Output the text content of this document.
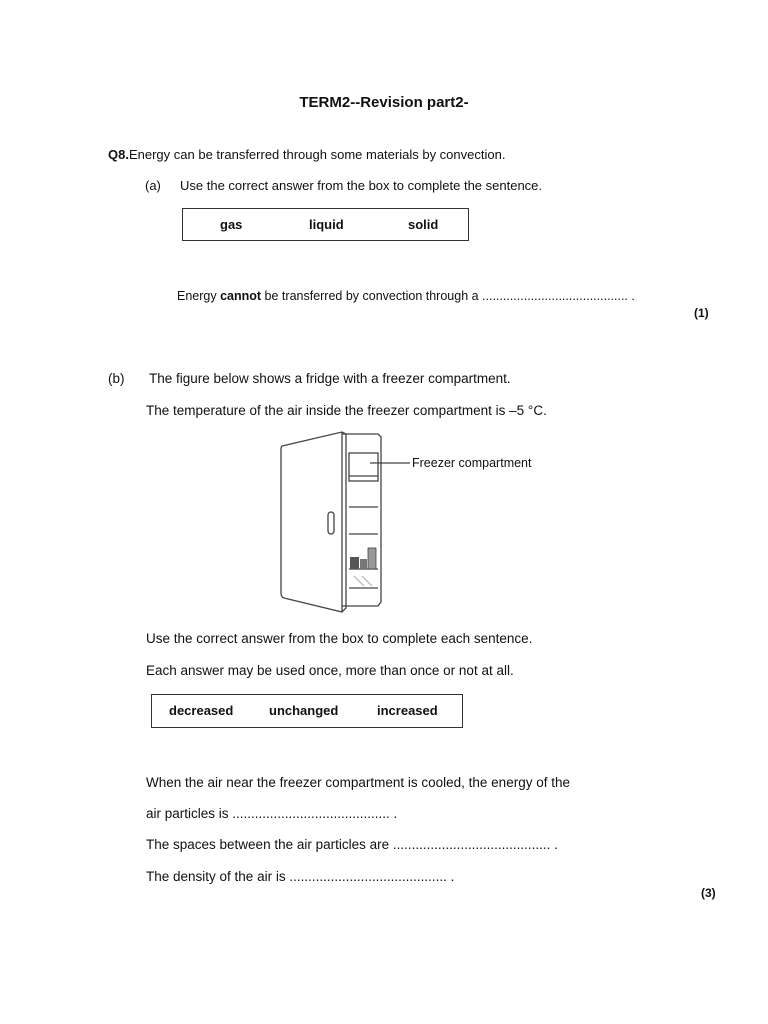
TERM2--Revision part2-
Q8.Energy can be transferred through some materials by convection.
(a) Use the correct answer from the box to complete the sentence.
gas	liquid	solid
Energy cannot be transferred by convection through a .......................................... .
(1)
(b) The figure below shows a fridge with a freezer compartment.
The temperature of the air inside the freezer compartment is –5 °C.
Freezer compartment
Use the correct answer from the box to complete each sentence.
Each answer may be used once, more than once or not at all.
decreased	unchanged	increased
When the air near the freezer compartment is cooled, the energy of the
air particles is .......................................... .
The spaces between the air particles are .......................................... .
The density of the air is .......................................... .
(3)
